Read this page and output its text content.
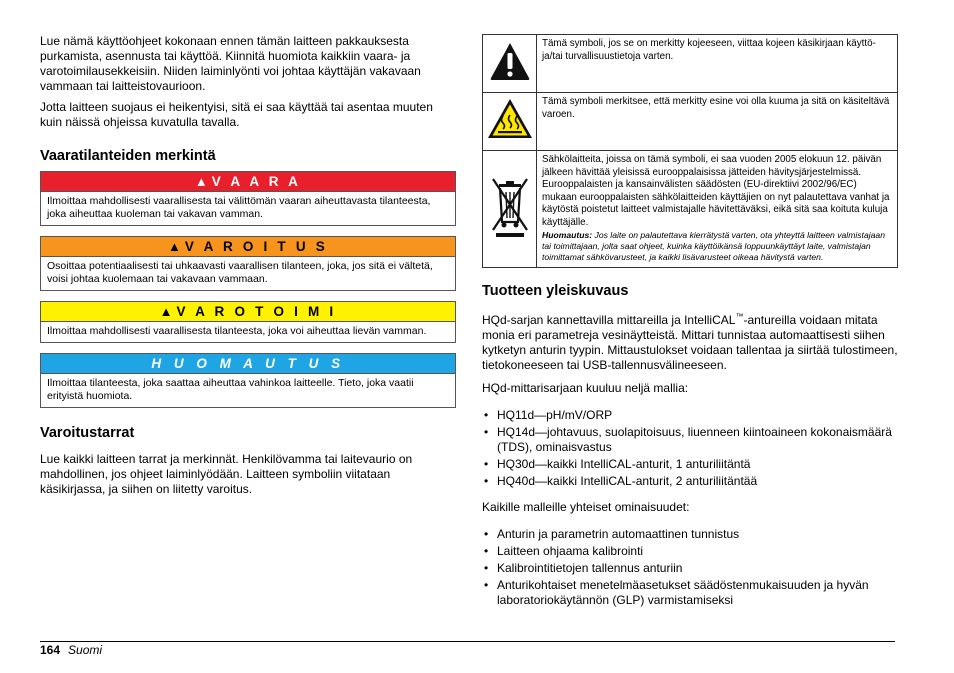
Lue nämä käyttöohjeet kokonaan ennen tämän laitteen pakkauksesta purkamista, asennusta tai käyttöä. Kiinnitä huomiota kaikkiin vaara- ja varotoimilausekkeisiin. Niiden laiminlyönti voi johtaa käyttäjän vakavaan vammaan tai laitteistovaurioon.

Jotta laitteen suojaus ei heikentyisi, sitä ei saa käyttää tai asentaa muuten kuin näissä ohjeissa kuvatulla tavalla.

Vaaratilanteiden merkintä
▲ V A A R A
Ilmoittaa mahdollisesti vaarallisesta tai välittömän vaaran aiheuttavasta tilanteesta, joka aiheuttaa kuoleman tai vakavan vamman.
▲ V A R O I T U S
Osoittaa potentiaalisesti tai uhkaavasti vaarallisen tilanteen, joka, jos sitä ei vältetä, voisi johtaa kuolemaan tai vakavaan vammaan.
▲ V A R O T O I M I
Ilmoittaa mahdollisesti vaarallisesta tilanteesta, joka voi aiheuttaa lievän vamman.
H U O M A U T U S
Ilmoittaa tilanteesta, joka saattaa aiheuttaa vahinkoa laitteelle. Tieto, joka vaatii erityistä huomiota.
Varoitustarrat

Lue kaikki laitteen tarrat ja merkinnät. Henkilövamma tai laitevaurio on mahdollinen, jos ohjeet laiminlyödään. Laitteen symboliin viitataan käsikirjassa, ja siihen on liitetty varoitus.

	Tämä symboli, jos se on merkitty kojeeseen, viittaa kojeen käsikirjaan käyttö- ja/tai turvallisuustietoja varten.
	Tämä symboli merkitsee, että merkitty esine voi olla kuuma ja sitä on käsiteltävä varoen.
	Sähkölaitteita, joissa on tämä symboli, ei saa vuoden 2005 elokuun 12. päivän jälkeen hävittää yleisissä eurooppalaisissa jätteiden hävitysjärjestelmissä. Eurooppalaisten ja kansainvälisten säädösten (EU-direktiivi 2002/96/EC) mukaan eurooppalaisten sähkölaitteiden käyttäjien on nyt palautettava vanhat ja käytöstä poistetut laitteet valmistajalle hävitettäväksi, eikä sitä saa koituta kuluja käyttäjälle.
Huomautus: Jos laite on palautettava kierrätystä varten, ota yhteyttä laitteen valmistajaan tai toimittajaan, jolta saat ohjeet, kuinka käyttöikänsä loppuunkäyttäyt laite, valmistajan toimittamat sähkövarusteet, ja kaikki lisävarusteet oikeaa hävitystä varten.
Tuotteen yleiskuvaus

HQd-sarjan kannettavilla mittareilla ja IntelliCAL™-antureilla voidaan mitata monia eri parametreja vesinäytteistä. Mittari tunnistaa automaattisesti siihen kytketyn anturin tyypin. Mittaustulokset voidaan tallentaa ja siirtää tulostimeen, tietokoneeseen tai USB-tallennusvälineeseen.

HQd-mittarisarjaan kuuluu neljä mallia:

• HQ11d—pH/mV/ORP
• HQ14d—johtavuus, suolapitoisuus, liuenneen kiintoaineen kokonaismäärä (TDS), ominaisvastus
• HQ30d—kaikki IntelliCAL-anturit, 1 anturiliitäntä
• HQ40d—kaikki IntelliCAL-anturit, 2 anturiliitäntää

Kaikille malleille yhteiset ominaisuudet:

• Anturin ja parametrin automaattinen tunnistus
• Laitteen ohjaama kalibrointi
• Kalibrointitietojen tallennus anturiin
• Anturikohtaiset menetelmäasetukset säädöstenmukaisuuden ja hyvän laboratoriokäytännön (GLP) varmistamiseksi
164 Suomi
